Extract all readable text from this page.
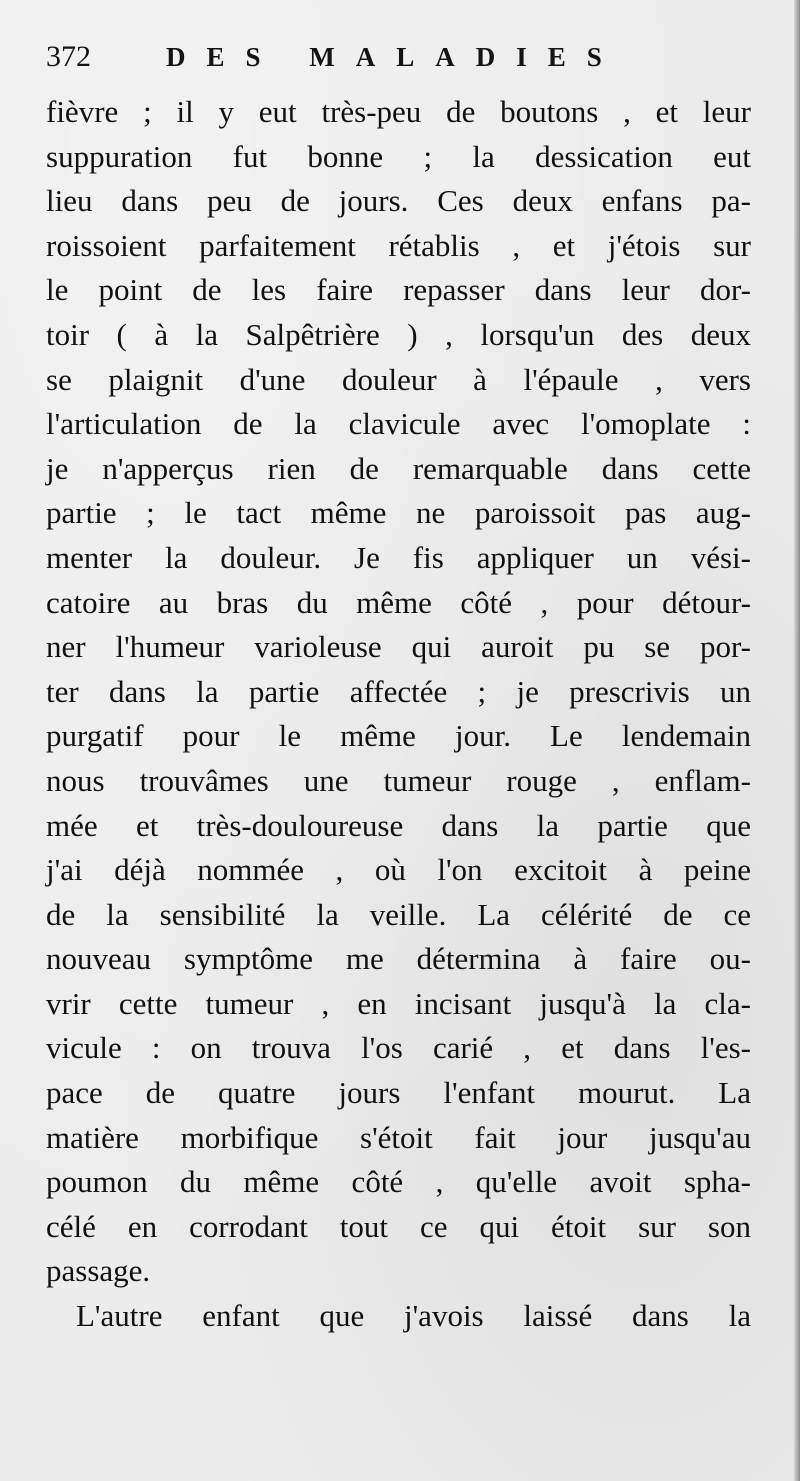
372	DES MALADIES
fièvre ; il y eut très-peu de boutons , et leur
suppuration fut bonne ; la dessication eut
lieu dans peu de jours. Ces deux enfans pa-
roissoient parfaitement rétablis , et j'étois sur
le point de les faire repasser dans leur dor-
toir ( à la Salpêtrière ) , lorsqu'un des deux
se plaignit d'une douleur à l'épaule , vers
l'articulation de la clavicule avec l'omoplate :
je n'apperçus rien de remarquable dans cette
partie ; le tact même ne paroissoit pas aug-
menter la douleur. Je fis appliquer un vési-
catoire au bras du même côté , pour détour-
ner l'humeur varioleuse qui auroit pu se por-
ter dans la partie affectée ; je prescrivis un
purgatif pour le même jour. Le lendemain
nous trouvâmes une tumeur rouge , enflam-
mée et très-douloureuse dans la partie que
j'ai déjà nommée , où l'on excitoit à peine
de la sensibilité la veille. La célérité de ce
nouveau symptôme me détermina à faire ou-
vrir cette tumeur , en incisant jusqu'à la cla-
vicule : on trouva l'os carié , et dans l'es-
pace de quatre jours l'enfant mourut. La
matière morbifique s'étoit fait jour jusqu'au
poumon du même côté , qu'elle avoit spha-
célé en corrodant tout ce qui étoit sur son
passage.
L'autre enfant que j'avois laissé dans la
